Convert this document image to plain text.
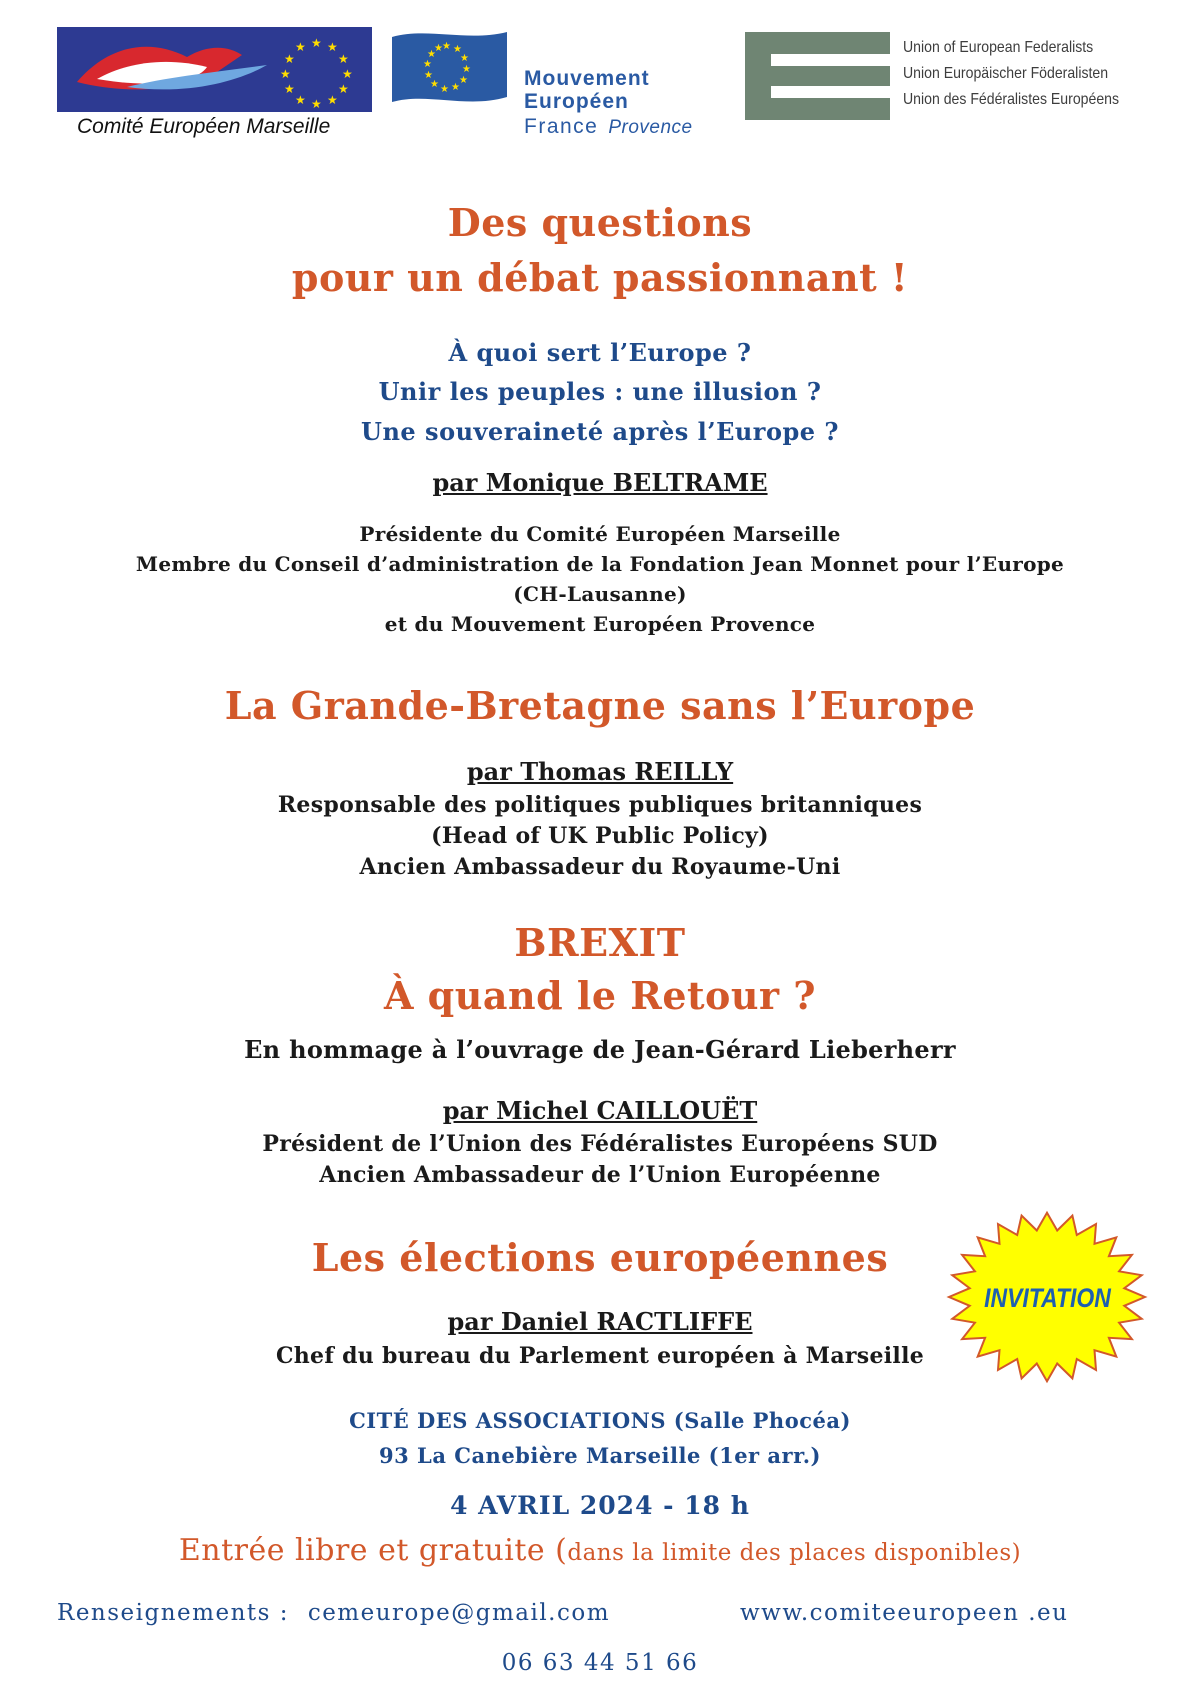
★ ★ ★
★
★
★
★
★
★
★
★
★
Comité Européen Marseille
★ ★
★
★
★
★
★
★
★
★
★
★
Mouvement
Européen
France Provence
Union of European Federalists
Union Europäischer Föderalisten
Union des Fédéralistes Européens
Des questions
pour un débat passionnant !
À quoi sert l’Europe ?
Unir les peuples : une illusion ?
Une souveraineté après l’Europe ?
par Monique BELTRAME
Présidente du Comité Européen Marseille
Membre du Conseil d’administration de la Fondation Jean Monnet pour l’Europe
(CH-Lausanne)
et du Mouvement Européen Provence
La Grande-Bretagne sans l’Europe
par Thomas REILLY
Responsable des politiques publiques britanniques
(Head of UK Public Policy)
Ancien Ambassadeur du Royaume-Uni
BREXIT
À quand le Retour ?
En hommage à l’ouvrage de Jean-Gérard Lieberherr
par Michel CAILLOUËT
Président de l’Union des Fédéralistes Européens SUD
Ancien Ambassadeur de l’Union Européenne
Les élections européennes
par Daniel RACTLIFFE
Chef du bureau du Parlement européen à Marseille
INVITATION
CITÉ DES ASSOCIATIONS (Salle Phocéa)
93 La Canebière Marseille (1er arr.)
4 AVRIL 2024 - 18 h
Entrée libre et gratuite (dans la limite des places disponibles)
Renseignements : cemeurope@gmail.com	www.comiteeuropeen .eu
06 63 44 51 66
